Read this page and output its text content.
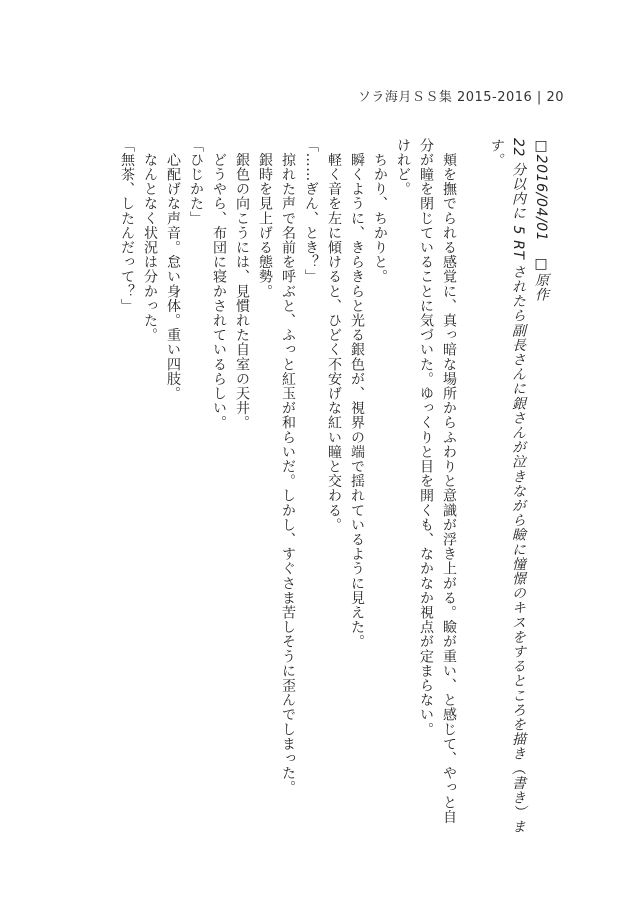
ソラ海月ＳＳ集 2015-2016 | 20

□2016/04/01　□原作

22 分以内に 5 RT されたら副長さんに銀さんが泣きながら瞼に憧憬のキスをするところを描き（書き）ます。

　頬を撫でられる感覚に、真っ暗な場所からふわりと意識が浮き上がる。瞼が重い、と感じて、やっと自分が瞳を閉じていることに気づいた。ゆっくりと目を開くも、なかなか視点が定まらない。

けれど。

　ちかり、ちかりと。

　瞬くように、きらきらと光る銀色が、視界の端で揺れているように見えた。

　軽く音を左に傾けると、ひどく不安げな紅い瞳と交わる。

「……ぎん、とき？」

　掠れた声で名前を呼ぶと、ふっと紅玉が和らいだ。しかし、すぐさま苦しそうに歪んでしまった。

　銀時を見上げる態勢。

　銀色の向こうには、見慣れた自室の天井。

　どうやら、布団に寝かされているらしい。

「ひじかた」

　心配げな声音。怠い身体。重い四肢。

　なんとなく状況は分かった。

「無茶、したんだって？」
